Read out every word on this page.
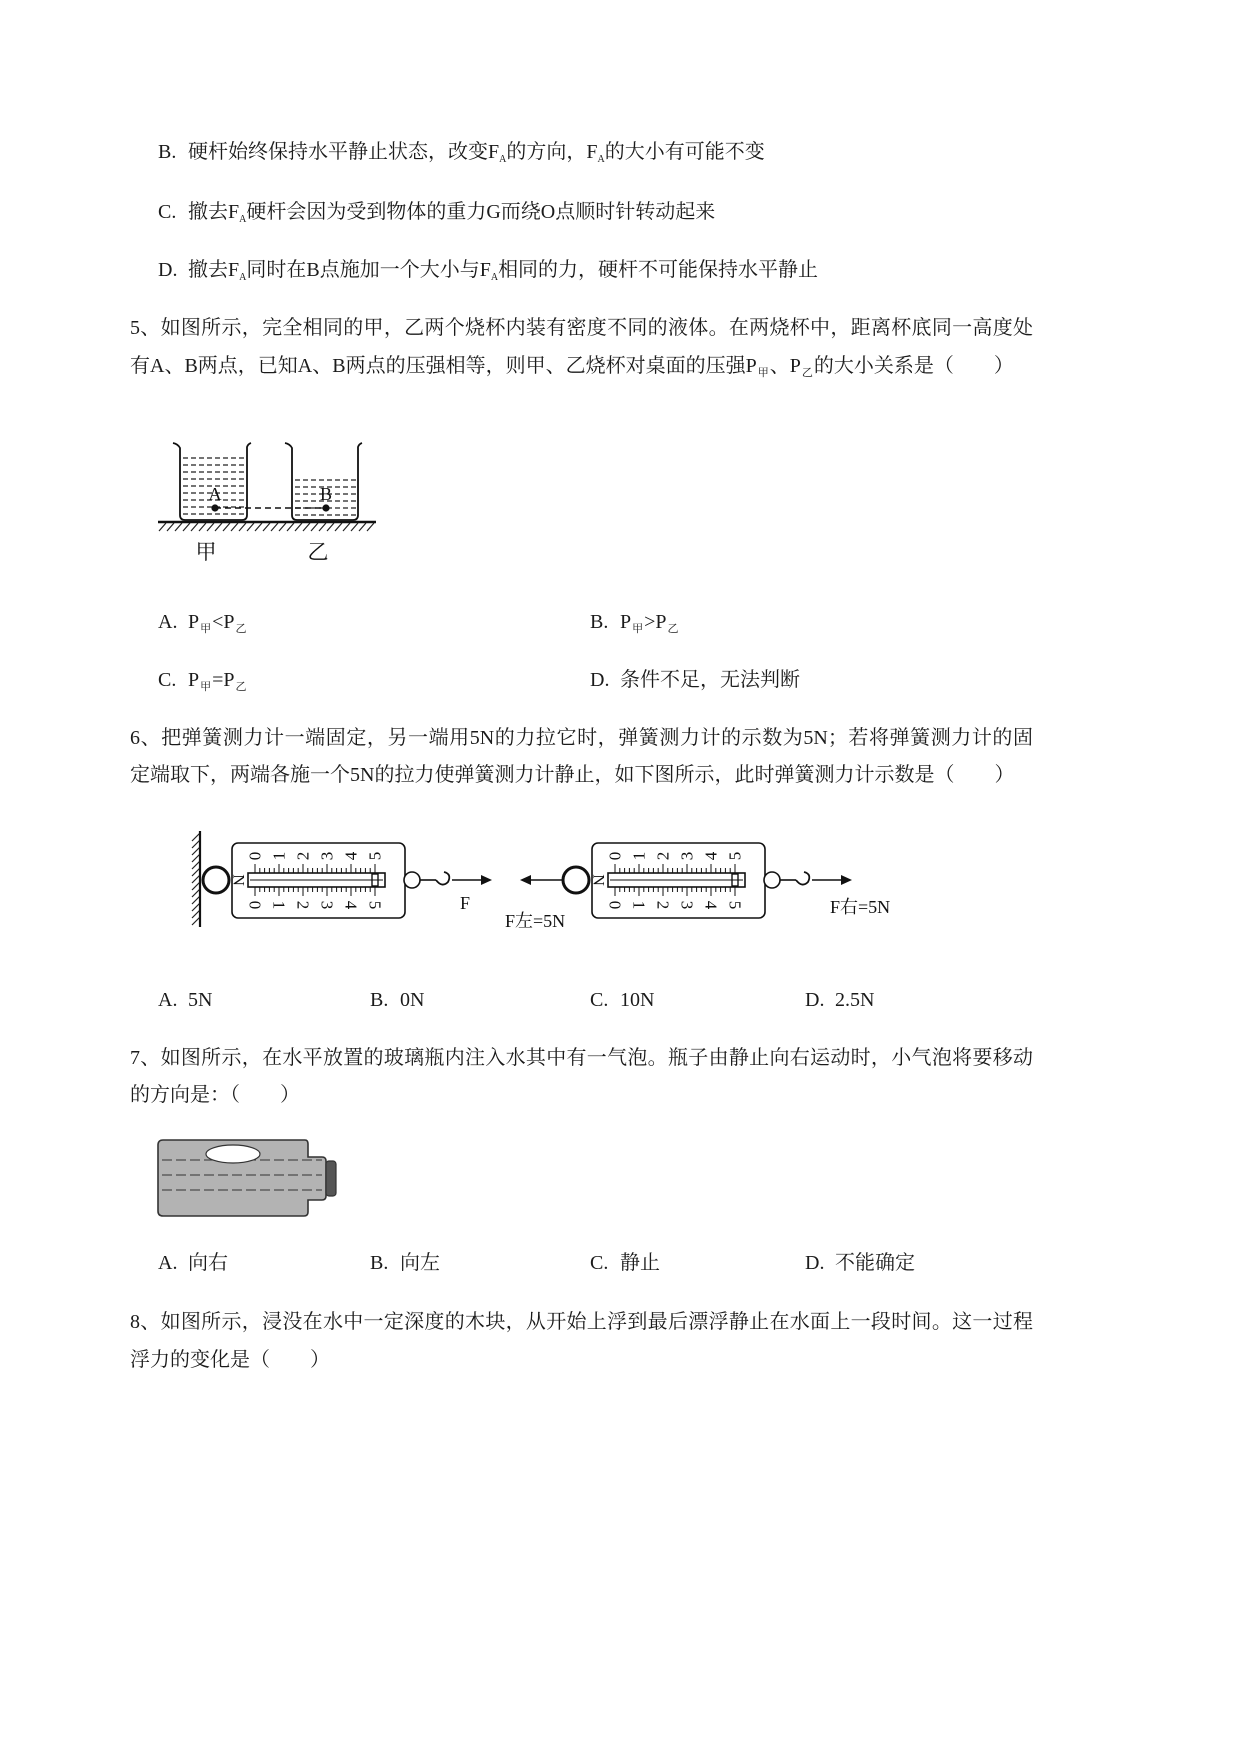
B. 硬杆始终保持水平静止状态，改变$F_A$的方向，$F_A$的大小有可能不变
C. 撤去$F_A$硬杆会因为受到物体的重力G而绕O点顺时针转动起来
D. 撤去$F_A$同时在B点施加一个大小与$F_A$相同的力，硬杆不可能保持水平静止
5、如图所示，完全相同的甲，乙两个烧杯内装有密度不同的液体。在两烧杯中，距离杯底同一高度处
有A、B两点，已知A、B两点的压强相等，则甲、乙烧杯对桌面的压强$P_甲$、$P_乙$的大小关系是（　　）
A	B
甲	乙
A. $P_甲<P_乙$	B. $P_甲>P_乙$
C. $P_甲=P_乙$	D. 条件不足，无法判断
6、把弹簧测力计一端固定，另一端用5N的力拉它时，弹簧测力计的示数为5N；若将弹簧测力计的固
定端取下，两端各施一个5N的拉力使弹簧测力计静止，如下图所示，此时弹簧测力计示数是（　　）
N
F
N
F左=5N
F右=5N
0
0
1
1
2
2
3
3
4
4
5
5
0
0
1
1
2
2
3
3
4
4
5
5
A. 5N	B. 0N	C. 10N	D. 2.5N
7、如图所示，在水平放置的玻璃瓶内注入水其中有一气泡。瓶子由静止向右运动时，小气泡将要移动
的方向是：（　　）
A. 向右	B. 向左	C. 静止	D. 不能确定
8、如图所示，浸没在水中一定深度的木块，从开始上浮到最后漂浮静止在水面上一段时间。这一过程
浮力的变化是（　　）
